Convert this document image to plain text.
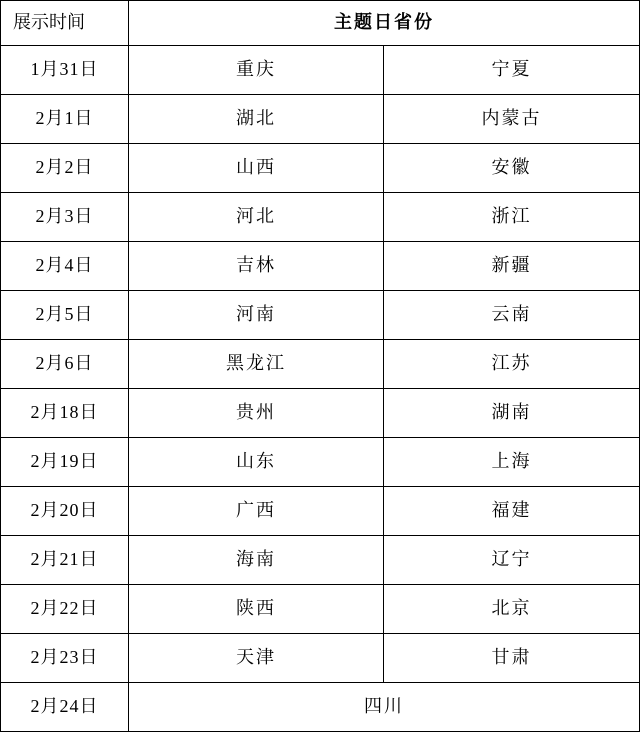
展示时间	主题日省份	
1月31日	重庆	宁夏
2月1日	湖北	内蒙古
2月2日	山西	安徽
2月3日	河北	浙江
2月4日	吉林	新疆
2月5日	河南	云南
2月6日	黑龙江	江苏
2月18日	贵州	湖南
2月19日	山东	上海
2月20日	广西	福建
2月21日	海南	辽宁
2月22日	陕西	北京
2月23日	天津	甘肃
2月24日	四川	
